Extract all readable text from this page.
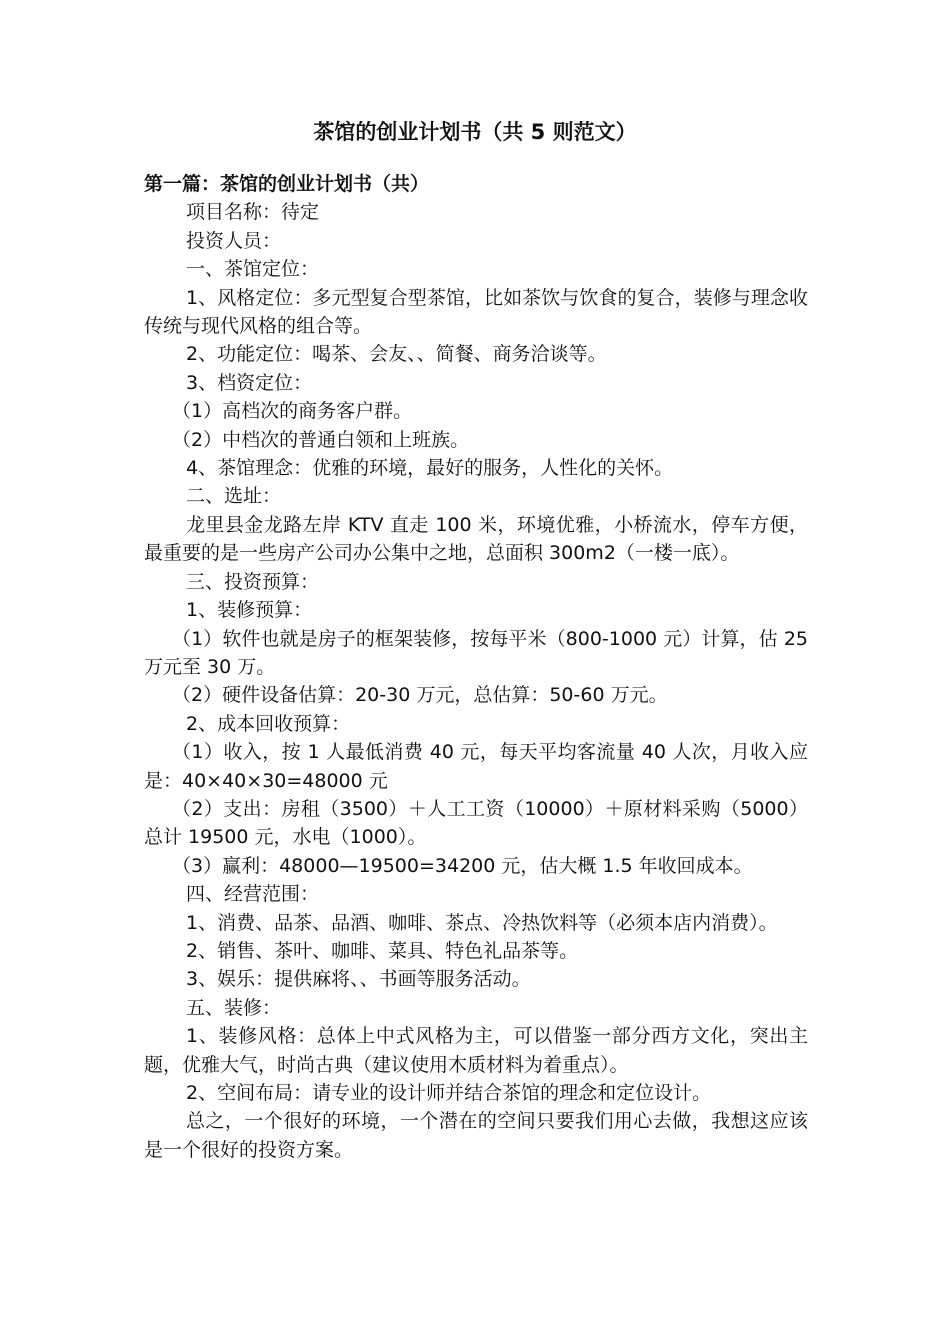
茶馆的创业计划书（共 5 则范文）

第一篇：茶馆的创业计划书（共）

项目名称：待定

投资人员：

一、茶馆定位：

1、风格定位：多元型复合型茶馆，比如茶饮与饮食的复合，装修与理念收传统与现代风格的组合等。

2、功能定位：喝茶、会友、、简餐、商务洽谈等。

3、档资定位：

（1）高档次的商务客户群。

（2）中档次的普通白领和上班族。

4、茶馆理念：优雅的环境，最好的服务，人性化的关怀。

二、选址：

龙里县金龙路左岸 KTV 直走 100 米，环境优雅，小桥流水，停车方便，最重要的是一些房产公司办公集中之地，总面积 300m2（一楼一底）。

三、投资预算：

1、装修预算：

（1）软件也就是房子的框架装修，按每平米（800-1000 元）计算，估 25 万元至 30 万。

（2）硬件设备估算：20-30 万元，总估算：50-60 万元。

2、成本回收预算：

（1）收入，按 1 人最低消费 40 元，每天平均客流量 40 人次，月收入应是：40×40×30=48000 元

（2）支出：房租（3500）＋人工工资（10000）＋原材料采购（5000）总计 19500 元，水电（1000）。

（3）赢利：48000—19500=34200 元，估大概 1.5 年收回成本。

四、经营范围：

1、消费、品茶、品酒、咖啡、茶点、冷热饮料等（必须本店内消费）。

2、销售、茶叶、咖啡、菜具、特色礼品茶等。

3、娱乐：提供麻将、、书画等服务活动。

五、装修：

1、装修风格：总体上中式风格为主，可以借鉴一部分西方文化，突出主题，优雅大气，时尚古典（建议使用木质材料为着重点）。

2、空间布局：请专业的设计师并结合茶馆的理念和定位设计。

总之，一个很好的环境，一个潜在的空间只要我们用心去做，我想这应该是一个很好的投资方案。
